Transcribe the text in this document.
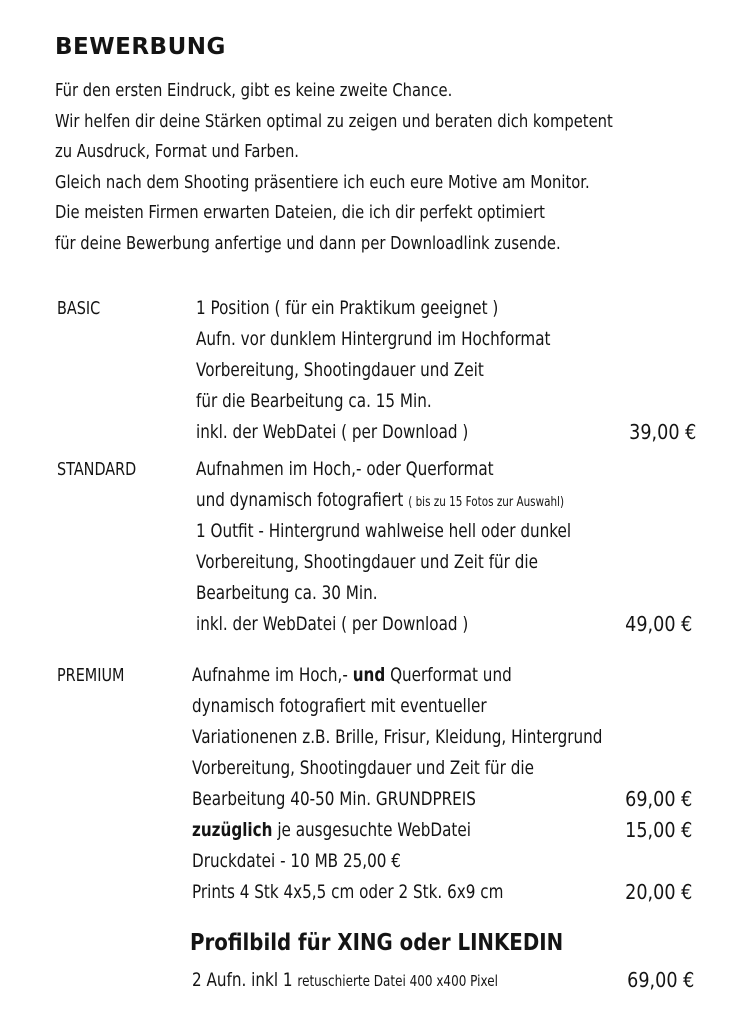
BEWERBUNG
Für den ersten Eindruck, gibt es keine zweite Chance.
Wir helfen dir deine Stärken optimal zu zeigen und beraten dich kompetent
zu Ausdruck, Format und Farben.
Gleich nach dem Shooting präsentiere ich euch eure Motive am Monitor.
Die meisten Firmen erwarten Dateien, die ich dir perfekt optimiert
für deine Bewerbung anfertige und dann per Downloadlink zusende.
BASIC	1 Position ( für ein Praktikum geeignet )
Aufn. vor dunklem Hintergrund im Hochformat
Vorbereitung, Shootingdauer und Zeit
für die Bearbeitung ca. 15 Min.
inkl. der WebDatei ( per Download )	39,00 €
STANDARD	Aufnahmen im Hoch,- oder Querformat
und dynamisch fotografiert ( bis zu 15 Fotos zur Auswahl)
1 Outfit - Hintergrund wahlweise hell oder dunkel
Vorbereitung, Shootingdauer und Zeit für die
Bearbeitung ca. 30 Min.
inkl. der WebDatei ( per Download )	49,00 €
PREMIUM	Aufnahme im Hoch,- und Querformat und
dynamisch fotografiert mit eventueller
Variationenen z.B. Brille, Frisur, Kleidung, Hintergrund
Vorbereitung, Shootingdauer und Zeit für die
Bearbeitung 40-50 Min. GRUNDPREIS	69,00 €
zuzüglich je ausgesuchte WebDatei	15,00 €
Druckdatei - 10 MB 25,00 €
Prints 4 Stk 4x5,5 cm oder 2 Stk. 6x9 cm	20,00 €
Profilbild für XING oder LINKEDIN
2 Aufn. inkl 1 retuschierte Datei 400 x400 Pixel	69,00 €
